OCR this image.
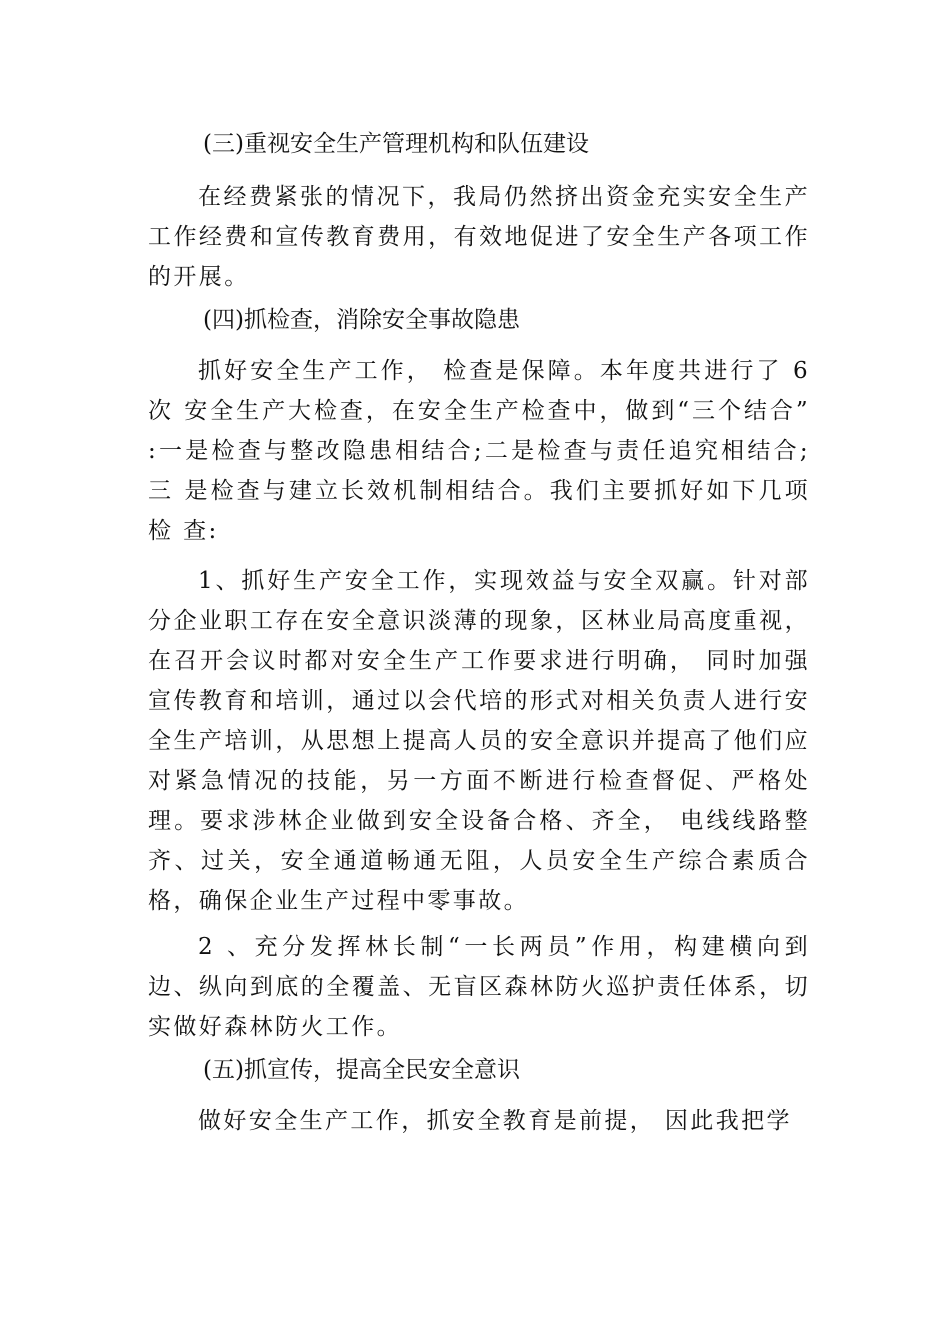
(三)重视安全生产管理机构和队伍建设

在经费紧张的情况下，我局仍然挤出资金充实安全生产工作经费和宣传教育费用，有效地促进了安全生产各项工作的开展。

(四)抓检查，消除安全事故隐患

抓好安全生产工作， 检查是保障。本年度共进行了 6 次 安全生产大检查，在安全生产检查中，做到“三个结合” :一是检查与整改隐患相结合;二是检查与责任追究相结合;三 是检查与建立长效机制相结合。我们主要抓好如下几项检 查:

1、抓好生产安全工作，实现效益与安全双赢。针对部分企业职工存在安全意识淡薄的现象，区林业局高度重视，在召开会议时都对安全生产工作要求进行明确， 同时加强宣传教育和培训，通过以会代培的形式对相关负责人进行安全生产培训，从思想上提高人员的安全意识并提高了他们应对紧急情况的技能，另一方面不断进行检查督促、严格处理。要求涉林企业做到安全设备合格、齐全， 电线线路整齐、过关，安全通道畅通无阻，人员安全生产综合素质合格，确保企业生产过程中零事故。

2 、充分发挥林长制“一长两员”作用，构建横向到边、纵向到底的全覆盖、无盲区森林防火巡护责任体系，切实做好森林防火工作。

(五)抓宣传，提高全民安全意识

做好安全生产工作，抓安全教育是前提， 因此我把学
